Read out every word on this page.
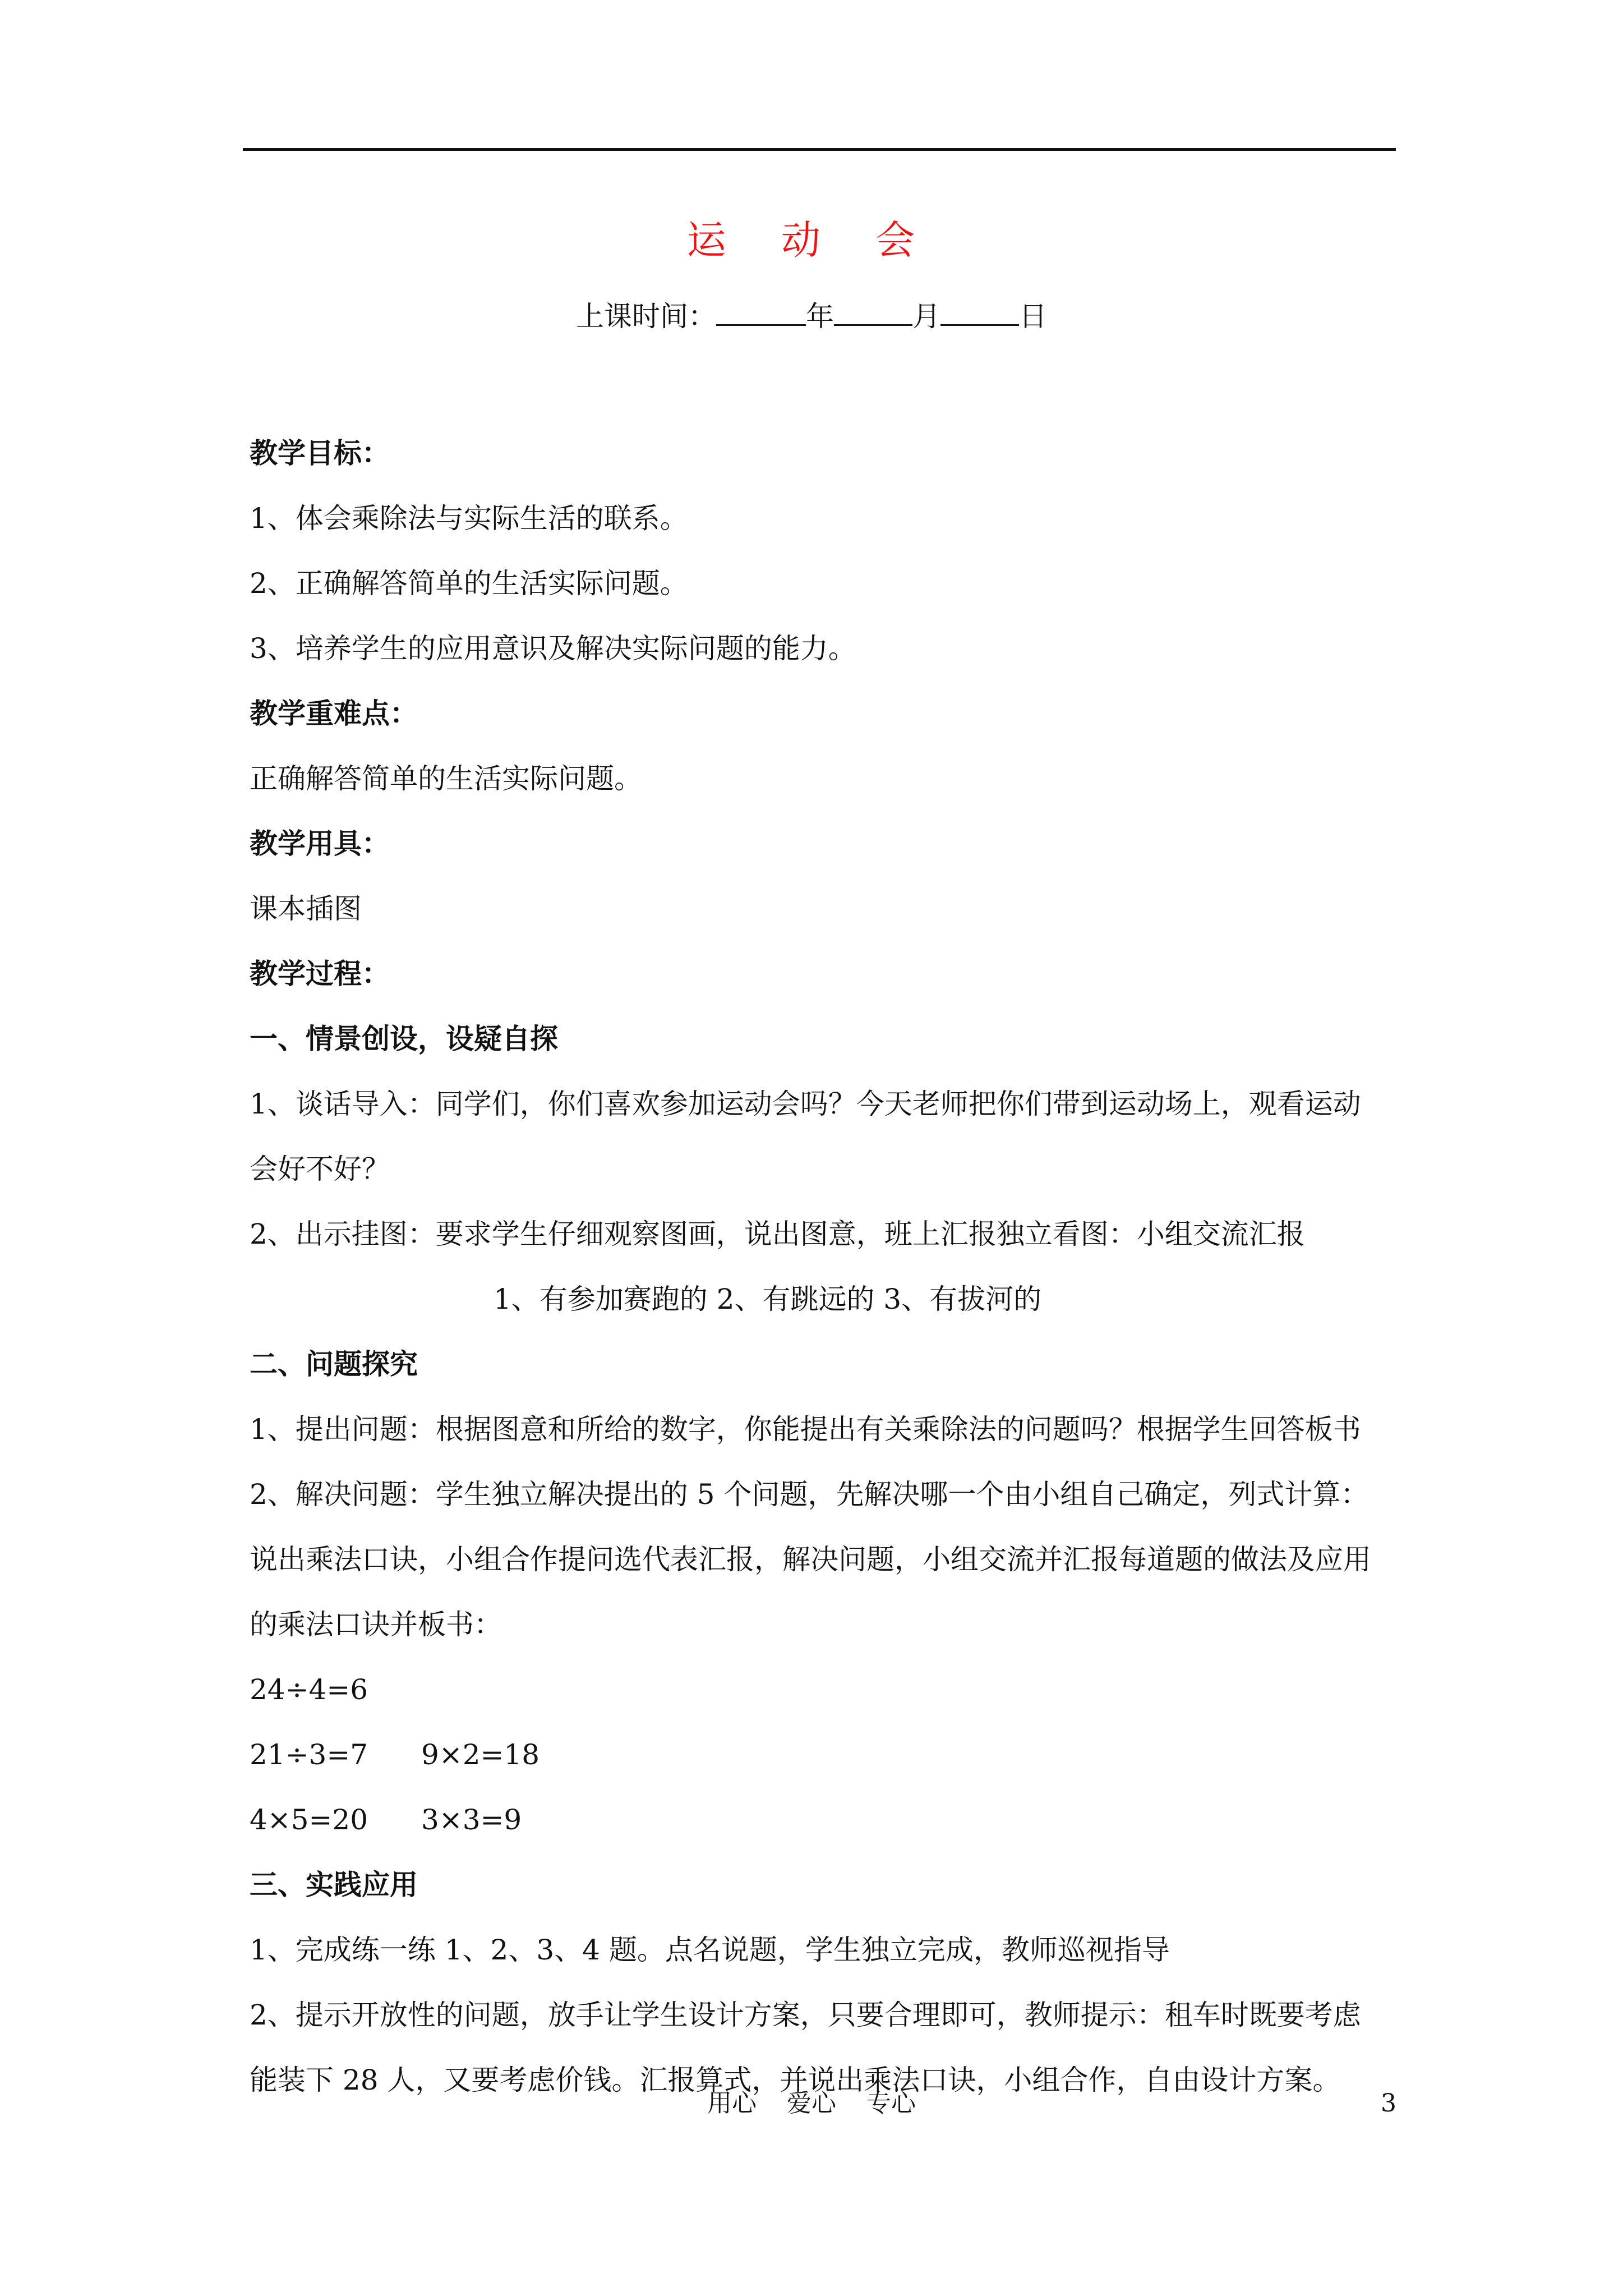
运 动 会
上课时间：	年	月	日
教学目标：
1、体会乘除法与实际生活的联系。
2、正确解答简单的生活实际问题。
3、培养学生的应用意识及解决实际问题的能力。
教学重难点：
正确解答简单的生活实际问题。
教学用具：
课本插图
教学过程：
一、情景创设，设疑自探
1、谈话导入：同学们，你们喜欢参加运动会吗？今天老师把你们带到运动场上，观看运动
会好不好？
2、出示挂图：要求学生仔细观察图画，说出图意，班上汇报独立看图：小组交流汇报
1、有参加赛跑的 2、有跳远的 3、有拔河的
二、问题探究
1、提出问题：根据图意和所给的数字，你能提出有关乘除法的问题吗？根据学生回答板书
2、解决问题：学生独立解决提出的 5 个问题，先解决哪一个由小组自己确定，列式计算：
说出乘法口诀，小组合作提问选代表汇报，解决问题，小组交流并汇报每道题的做法及应用
的乘法口诀并板书：
24÷4=6
21÷3=7 9×2=18
4×5=20 3×3=9
三、实践应用
1、完成练一练 1、2、3、4 题。点名说题，学生独立完成，教师巡视指导
2、提示开放性的问题，放手让学生设计方案，只要合理即可，教师提示：租车时既要考虑
能装下 28 人，又要考虑价钱。汇报算式，并说出乘法口诀，小组合作，自由设计方案。
用心 爱心 专心	3
